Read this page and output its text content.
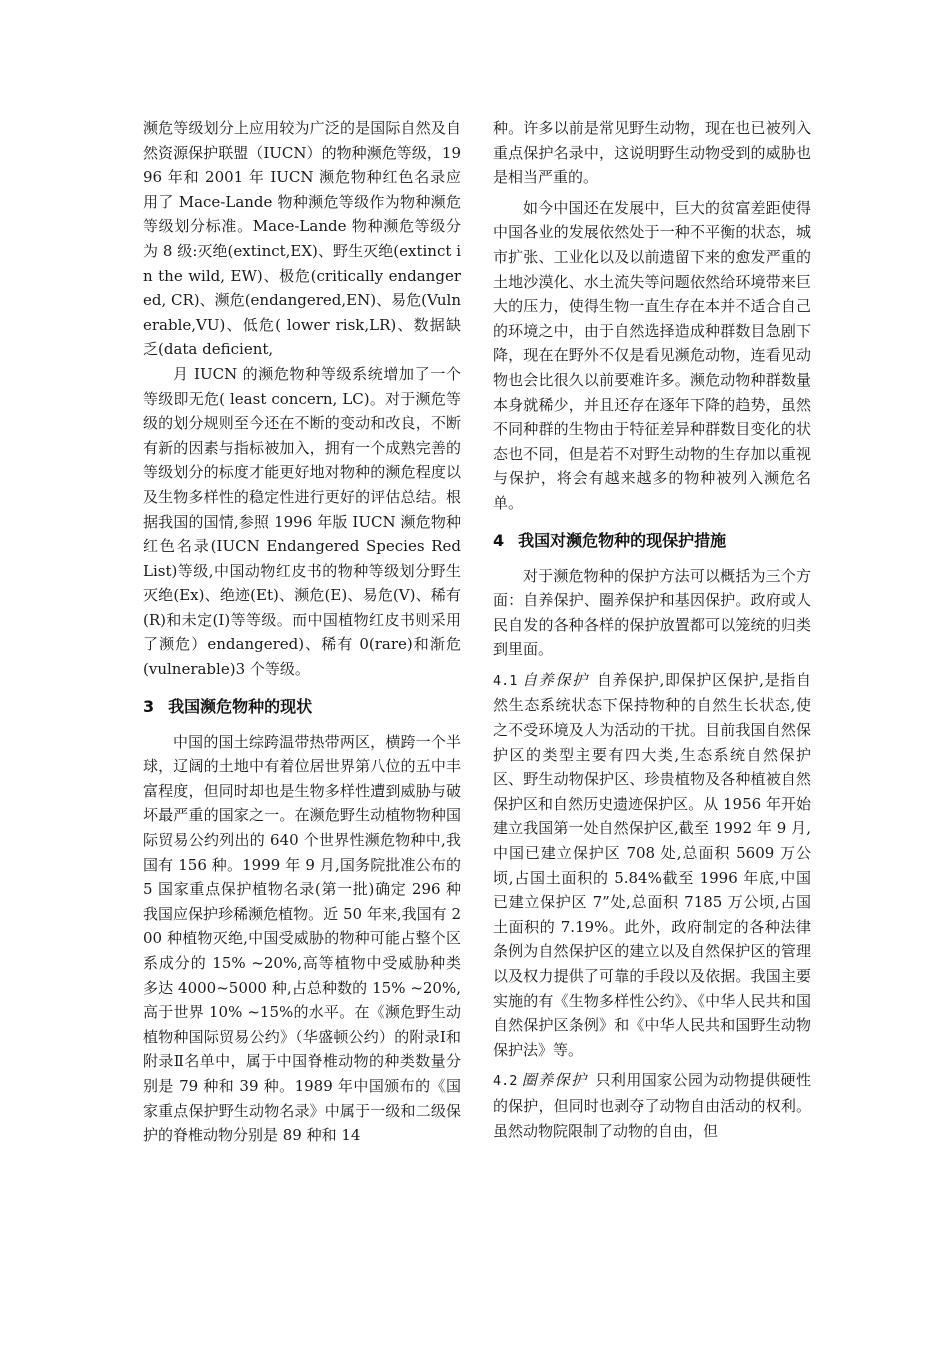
濒危等级划分上应用较为广泛的是国际自然及自然资源保护联盟（IUCN）的物种濒危等级，1996 年和 2001 年 IUCN 濒危物种红色名录应用了 Mace-Lande 物种濒危等级作为物种濒危等级划分标准。Mace-Lande 物种濒危等级分为 8 级:灭绝(extinct,EX)、野生灭绝(extinct in the wild, EW)、极危(critically endangered, CR)、濒危(endangered,EN)、易危(Vulnerable,VU)、低危( lower risk,LR)、数据缺乏(data deficient,

月 IUCN 的濒危物种等级系统增加了一个等级即无危( least concern, LC)。对于濒危等级的划分规则至今还在不断的变动和改良，不断有新的因素与指标被加入，拥有一个成熟完善的等级划分的标度才能更好地对物种的濒危程度以及生物多样性的稳定性进行更好的评估总结。根据我国的国情,参照 1996 年版 IUCN 濒危物种红色名录(IUCN Endangered Species Red List)等级,中国动物红皮书的物种等级划分野生灭绝(Ex)、绝迹(Et)、濒危(E)、易危(V)、稀有(R)和未定(I)等等级。而中国植物红皮书则采用了濒危）endangered)、稀有 0(rare)和渐危(vulnerable)3 个等级。

3 我国濒危物种的现状

中国的国土综跨温带热带两区，横跨一个半球，辽阔的土地中有着位居世界第八位的五中丰富程度，但同时却也是生物多样性遭到威胁与破坏最严重的国家之一。在濒危野生动植物物种国际贸易公约列出的 640 个世界性濒危物种中,我国有 156 种。1999 年 9 月,国务院批准公布的 5 国家重点保护植物名录(第一批)确定 296 种我国应保护珍稀濒危植物。近 50 年来,我国有 200 种植物灭绝,中国受威胁的物种可能占整个区系成分的 15% ~20%,高等植物中受威胁种类多达 4000~5000 种,占总种数的 15% ~20%,高于世界 10% ~15%的水平。在《濒危野生动植物种国际贸易公约》（华盛顿公约）的附录Ⅰ和附录Ⅱ名单中，属于中国脊椎动物的种类数量分别是 79 种和 39 种。1989 年中国颁布的《国家重点保护野生动物名录》中属于一级和二级保护的脊椎动物分别是 89 种和 14

种。许多以前是常见野生动物，现在也已被列入重点保护名录中，这说明野生动物受到的威胁也是相当严重的。

如今中国还在发展中，巨大的贫富差距使得中国各业的发展依然处于一种不平衡的状态，城市扩张、工业化以及以前遗留下来的愈发严重的土地沙漠化、水土流失等问题依然给环境带来巨大的压力，使得生物一直生存在本并不适合自己的环境之中，由于自然选择造成种群数目急剧下降，现在在野外不仅是看见濒危动物，连看见动物也会比很久以前要难许多。濒危动物种群数量本身就稀少，并且还存在逐年下降的趋势，虽然不同种群的生物由于特征差异种群数目变化的状态也不同，但是若不对野生动物的生存加以重视与保护，将会有越来越多的物种被列入濒危名单。

4 我国对濒危物种的现保护措施

对于濒危物种的保护方法可以概括为三个方面：自养保护、圈养保护和基因保护。政府或人民自发的各种各样的保护放置都可以笼统的归类到里面。

4.1 自养保护 自养保护,即保护区保护,是指自然生态系统状态下保持物种的自然生长状态,使之不受环境及人为活动的干扰。目前我国自然保护区的类型主要有四大类,生态系统自然保护区、野生动物保护区、珍贵植物及各种植被自然保护区和自然历史遗迹保护区。从 1956 年开始建立我国第一处自然保护区,截至 1992 年 9 月,中国已建立保护区 708 处,总面积 5609 万公顷,占国土面积的 5.84%截至 1996 年底,中国已建立保护区 7”处,总面积 7185 万公顷,占国土面积的 7.19%。此外，政府制定的各种法律条例为自然保护区的建立以及自然保护区的管理以及权力提供了可靠的手段以及依据。我国主要实施的有《生物多样性公约》、《中华人民共和国自然保护区条例》和《中华人民共和国野生动物保护法》等。

4.2 圈养保护 只利用国家公园为动物提供硬性的保护，但同时也剥夺了动物自由活动的权利。虽然动物院限制了动物的自由，但
